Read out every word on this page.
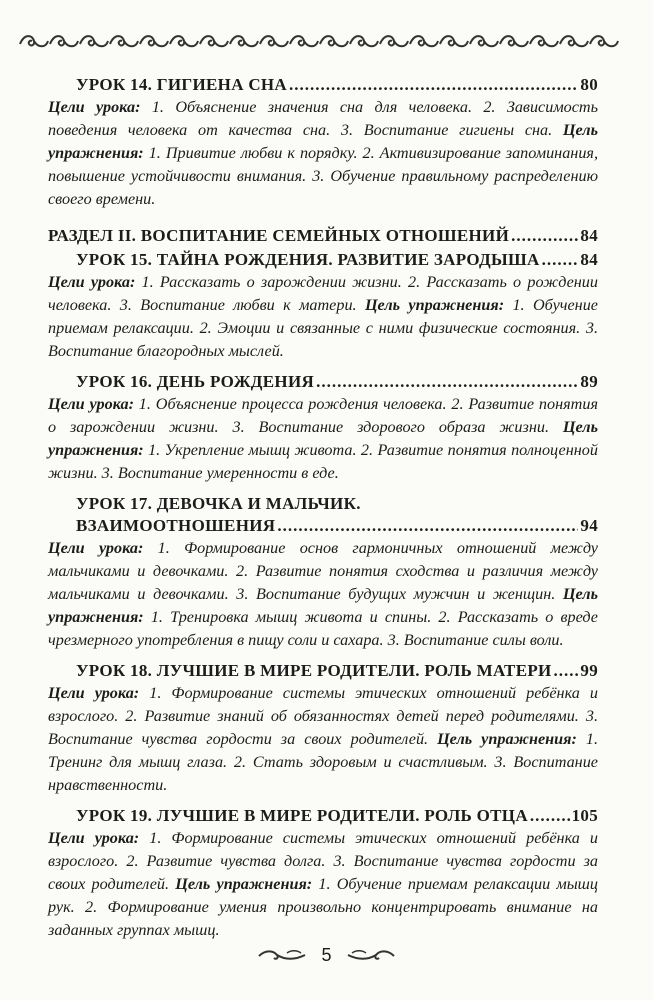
УРОК 14. ГИГИЕНА СНА .....	80
Цели урока: 1. Объяснение значения сна для человека. 2. Зависимость поведения человека от качества сна. 3. Воспитание гигиены сна. Цель упражнения: 1. Привитие любви к порядку. 2. Активизирование запоминания, повышение устойчивости внимания. 3. Обучение правильному распределению своего времени.
РАЗДЕЛ II. ВОСПИТАНИЕ СЕМЕЙНЫХ ОТНОШЕНИЙ .....	84
УРОК 15. ТАЙНА РОЖДЕНИЯ. РАЗВИТИЕ ЗАРОДЫША ..... 84
Цели урока: 1. Рассказать о зарождении жизни. 2. Рассказать о рождении человека. 3. Воспитание любви к матери. Цель упражнения: 1. Обучение приемам релаксации. 2. Эмоции и связанные с ними физические состояния. 3. Воспитание благородных мыслей.
УРОК 16. ДЕНЬ РОЖДЕНИЯ .....	89
Цели урока: 1. Объяснение процесса рождения человека. 2. Развитие понятия о зарождении жизни. 3. Воспитание здорового образа жизни. Цель упражнения: 1. Укрепление мышц живота. 2. Развитие понятия полноценной жизни. 3. Воспитание умеренности в еде.
УРОК 17. ДЕВОЧКА И МАЛЬЧИК.
ВЗАИМООТНОШЕНИЯ .....	94
Цели урока: 1. Формирование основ гармоничных отношений между мальчиками и девочками. 2. Развитие понятия сходства и различия между мальчиками и девочками. 3. Воспитание будущих мужчин и женщин. Цель упражнения: 1. Тренировка мышц живота и спины. 2. Рассказать о вреде чрезмерного употребления в пищу соли и сахара. 3. Воспитание силы воли.
УРОК 18. ЛУЧШИЕ В МИРЕ РОДИТЕЛИ. РОЛЬ МАТЕРИ ..... 99
Цели урока: 1. Формирование системы этических отношений ребёнка и взрослого. 2. Развитие знаний об обязанностях детей перед родителями. 3. Воспитание чувства гордости за своих родителей. Цель упражнения: 1. Тренинг для мышц глаза. 2. Стать здоровым и счастливым. 3. Воспитание нравственности.
УРОК 19. ЛУЧШИЕ В МИРЕ РОДИТЕЛИ. РОЛЬ ОТЦА .....	105
Цели урока: 1. Формирование системы этических отношений ребёнка и взрослого. 2. Развитие чувства долга. 3. Воспитание чувства гордости за своих родителей. Цель упражнения: 1. Обучение приемам релаксации мышц рук. 2. Формирование умения произвольно концентрировать внимание на заданных группах мышц.
5
